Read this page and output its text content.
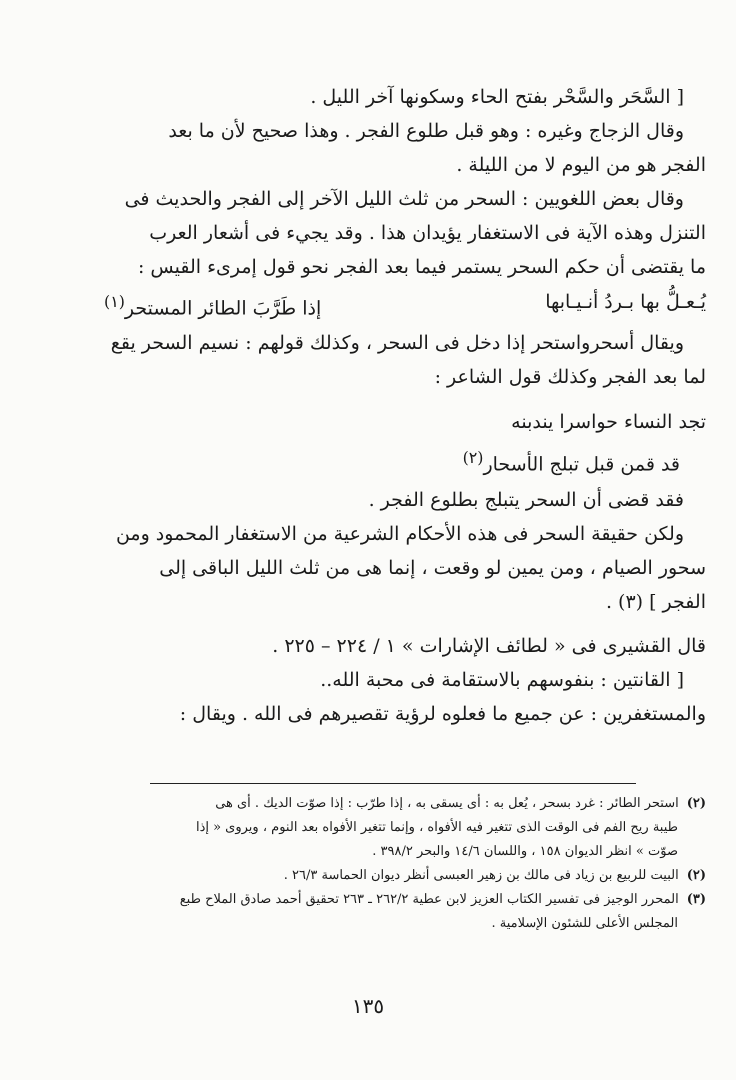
[ السَّحَر والسَّحْر بفتح الحاء وسكونها آخر الليل .

وقال الزجاج وغيره : وهو قبل طلوع الفجر . وهذا صحيح لأن ما بعد

الفجر هو من اليوم لا من الليلة .

وقال بعض اللغويين : السحر من ثلث الليل الآخر إلى الفجر والحديث فى

التنزل وهذه الآية فى الاستغفار يؤيدان هذا . وقد يجيء فى أشعار العرب

ما يقتضى أن حكم السحر يستمر فيما بعد الفجر نحو قول إمرىء القيس :

يُـعـلُّ بها بـردُ أنـيـابها
إذا طَرَّبَ الطائر المستحر$^{(١)}$

ويقال أسحرواستحر إذا دخل فى السحر ، وكذلك قولهم : نسيم السحر يقع

لما بعد الفجر وكذلك قول الشاعر :

تجد النساء حواسرا يندبنه
قد قمن قبل تبلج الأسحار$^{(٢)}$

فقد قضى أن السحر يتبلج بطلوع الفجر .

ولكن حقيقة السحر فى هذه الأحكام الشرعية من الاستغفار المحمود ومن

سحور الصيام ، ومن يمين لو وقعت ، إنما هى من ثلث الليل الباقى إلى

الفجر ] (٣) .

قال القشيرى فى « لطائف الإشارات » ١ / ٢٢٤ – ٢٢٥ .

[ القانتين : بنفوسهم بالاستقامة فى محبة الله..

والمستغفرين : عن جميع ما فعلوه لرؤية تقصيرهم فى الله . ويقال :

(٢)استحر الطائر : غرد بسحر ، يُعل به : أى يسقى به ، إذا طرّب : إذا صوّت الديك . أى هى

طيبة ريح الفم فى الوقت الذى تتغير فيه الأفواه ، وإنما تتغير الأفواه بعد النوم ، ويروى « إذا

صوّت » انظر الديوان ١٥٨ ، واللسان ١٤/٦ والبحر ٣٩٨/٢ .

(٢)البيت للربيع بن زياد فى مالك بن زهير العبسى أنظر ديوان الحماسة ٢٦/٣ .

(٣)المحرر الوجيز فى تفسير الكتاب العزيز لابن عطية ٢٦٢/٢ ـ ٢٦٣ تحقيق أحمد صادق الملاح طبع

المجلس الأعلى للشئون الإسلامية .

١٣٥
